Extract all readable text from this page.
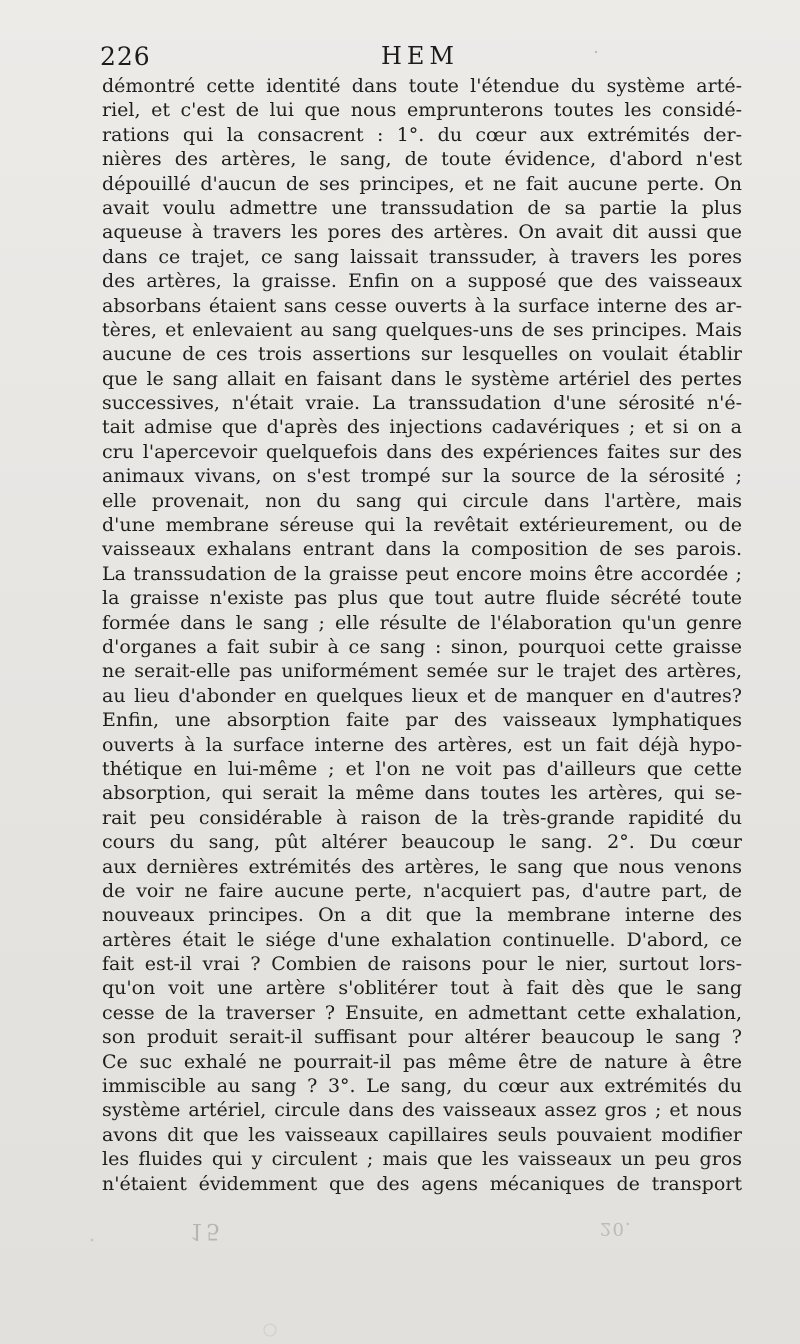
226	HEM
démontré cette identité dans toute l'étendue du système arté-
riel, et c'est de lui que nous emprunterons toutes les considé-
rations qui la consacrent : 1°. du cœur aux extrémités der-
nières des artères, le sang, de toute évidence, d'abord n'est
dépouillé d'aucun de ses principes, et ne fait aucune perte. On
avait voulu admettre une transsudation de sa partie la plus
aqueuse à travers les pores des artères. On avait dit aussi que
dans ce trajet, ce sang laissait transsuder, à travers les pores
des artères, la graisse. Enfin on a supposé que des vaisseaux
absorbans étaient sans cesse ouverts à la surface interne des ar-
tères, et enlevaient au sang quelques-uns de ses principes. Mais
aucune de ces trois assertions sur lesquelles on voulait établir
que le sang allait en faisant dans le système artériel des pertes
successives, n'était vraie. La transsudation d'une sérosité n'é-
tait admise que d'après des injections cadavériques ; et si on a
cru l'apercevoir quelquefois dans des expériences faites sur des
animaux vivans, on s'est trompé sur la source de la sérosité ;
elle provenait, non du sang qui circule dans l'artère, mais
d'une membrane séreuse qui la revêtait extérieurement, ou de
vaisseaux exhalans entrant dans la composition de ses parois.
La transsudation de la graisse peut encore moins être accordée ;
la graisse n'existe pas plus que tout autre fluide sécrété toute
formée dans le sang ; elle résulte de l'élaboration qu'un genre
d'organes a fait subir à ce sang : sinon, pourquoi cette graisse
ne serait-elle pas uniformément semée sur le trajet des artères,
au lieu d'abonder en quelques lieux et de manquer en d'autres?
Enfin, une absorption faite par des vaisseaux lymphatiques
ouverts à la surface interne des artères, est un fait déjà hypo-
thétique en lui-même ; et l'on ne voit pas d'ailleurs que cette
absorption, qui serait la même dans toutes les artères, qui se-
rait peu considérable à raison de la très-grande rapidité du
cours du sang, pût altérer beaucoup le sang. 2°. Du cœur
aux dernières extrémités des artères, le sang que nous venons
de voir ne faire aucune perte, n'acquiert pas, d'autre part, de
nouveaux principes. On a dit que la membrane interne des
artères était le siége d'une exhalation continuelle. D'abord, ce
fait est-il vrai ? Combien de raisons pour le nier, surtout lors-
qu'on voit une artère s'oblitérer tout à fait dès que le sang
cesse de la traverser ? Ensuite, en admettant cette exhalation,
son produit serait-il suffisant pour altérer beaucoup le sang ?
Ce suc exhalé ne pourrait-il pas même être de nature à être
immiscible au sang ? 3°. Le sang, du cœur aux extrémités du
système artériel, circule dans des vaisseaux assez gros ; et nous
avons dit que les vaisseaux capillaires seuls pouvaient modifier
les fluides qui y circulent ; mais que les vaisseaux un peu gros
n'étaient évidemment que des agens mécaniques de transport
15	20.
